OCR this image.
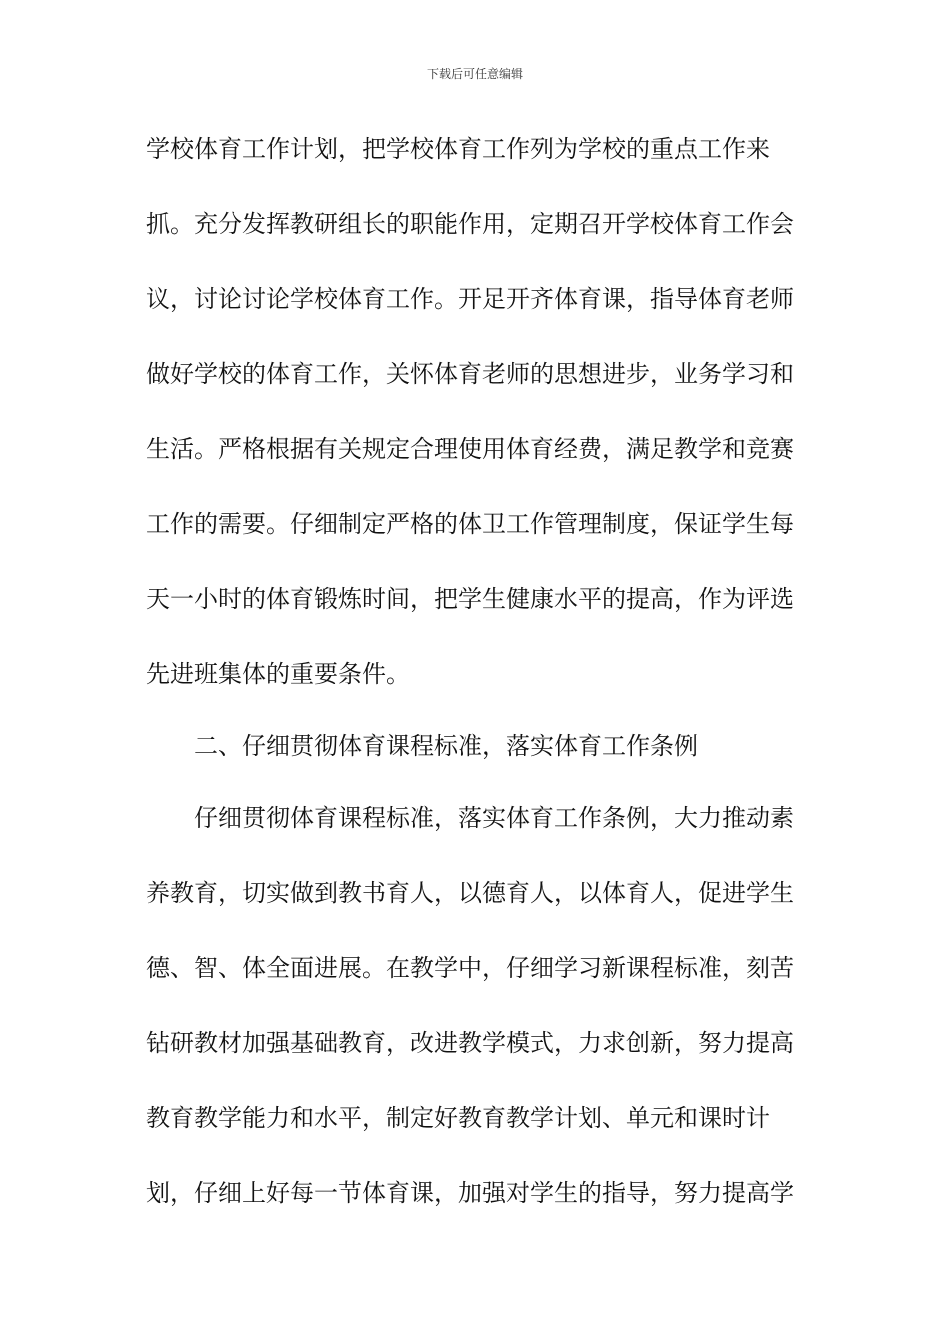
下载后可任意编辑
学校体育工作计划，把学校体育工作列为学校的重点工作来
抓。充分发挥教研组长的职能作用，定期召开学校体育工作会
议，讨论讨论学校体育工作。开足开齐体育课，指导体育老师
做好学校的体育工作，关怀体育老师的思想进步，业务学习和
生活。严格根据有关规定合理使用体育经费，满足教学和竞赛
工作的需要。仔细制定严格的体卫工作管理制度，保证学生每
天一小时的体育锻炼时间，把学生健康水平的提高，作为评选
先进班集体的重要条件。
二、仔细贯彻体育课程标准，落实体育工作条例
仔细贯彻体育课程标准，落实体育工作条例，大力推动素
养教育，切实做到教书育人，以德育人，以体育人，促进学生
德、智、体全面进展。在教学中，仔细学习新课程标准，刻苦
钻研教材加强基础教育，改进教学模式，力求创新，努力提高
教育教学能力和水平，制定好教育教学计划、单元和课时计
划，仔细上好每一节体育课，加强对学生的指导，努力提高学
